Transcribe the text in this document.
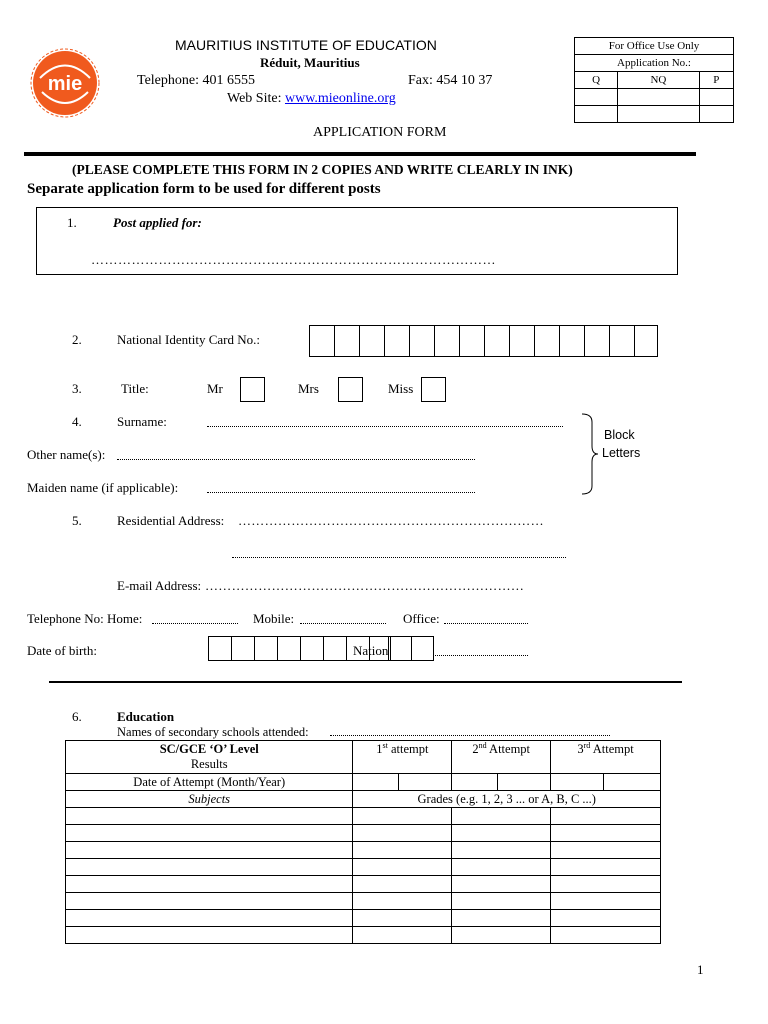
mie
MAURITIUS INSTITUTE OF EDUCATION
Réduit, Mauritius
Telephone: 401 6555	Fax: 454 10 37
Web Site: www.mieonline.org
APPLICATION FORM
For Office Use Only		
Application No.:		
Q	NQ	P

(PLEASE COMPLETE THIS FORM IN 2 COPIES AND WRITE CLEARLY IN INK)
Separate application form to be used for different posts
1.	Post applied for:
………………………………………………………………………………
2.	National Identity Card No.:
3.	Title:	Mr	Mrs	Miss
4.	Surname:
Other name(s):
Maiden name (if applicable):
Block
Letters
5.	Residential Address: ……………………………………………………………
E-mail Address: ………………………………………………………………
Telephone No: Home:	Mobile:	Office:
Date of birth:	Nation
6.	Education
Names of secondary schools attended:
SC/GCE ‘O’ Level
Results	1st attempt		2nd Attempt		3rd Attempt	
Date of Attempt (Month/Year)						
Subjects	Grades (e.g. 1, 2, 3 ... or A, B, C ...)					

1
